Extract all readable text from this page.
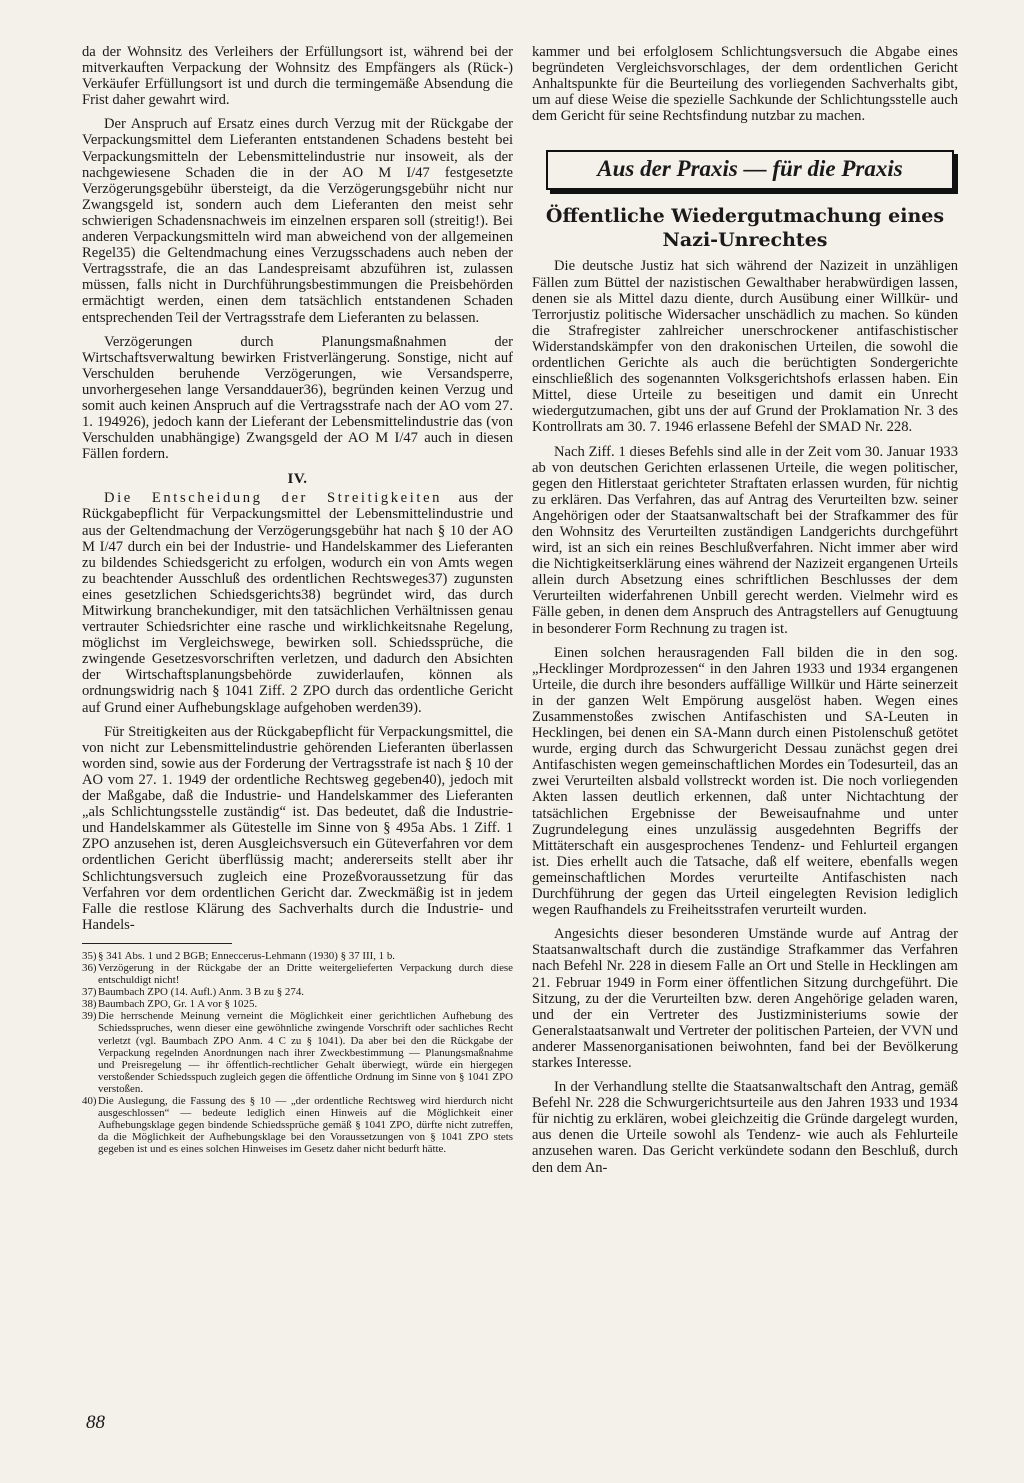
da der Wohnsitz des Verleihers der Erfüllungsort ist, während bei der mitverkauften Verpackung der Wohnsitz des Empfängers als (Rück-) Verkäufer Erfüllungsort ist und durch die termingemäße Absendung die Frist daher gewahrt wird.

Der Anspruch auf Ersatz eines durch Verzug mit der Rückgabe der Verpackungsmittel dem Lieferanten entstandenen Schadens besteht bei Verpackungsmitteln der Lebensmittelindustrie nur insoweit, als der nachgewiesene Schaden die in der AO M I/47 festgesetzte Verzögerungsgebühr übersteigt, da die Verzögerungsgebühr nicht nur Zwangsgeld ist, sondern auch dem Lieferanten den meist sehr schwierigen Schadensnachweis im einzelnen ersparen soll (streitig!). Bei anderen Verpackungsmitteln wird man abweichend von der allgemeinen Regel35) die Geltendmachung eines Verzugsschadens auch neben der Vertragsstrafe, die an das Landespreisamt abzuführen ist, zulassen müssen, falls nicht in Durchführungsbestimmungen die Preisbehörden ermächtigt werden, einen dem tatsächlich entstandenen Schaden entsprechenden Teil der Vertragsstrafe dem Lieferanten zu belassen.

Verzögerungen durch Planungsmaßnahmen der Wirtschaftsverwaltung bewirken Fristverlängerung. Sonstige, nicht auf Verschulden beruhende Verzögerungen, wie Versandsperre, unvorhergesehen lange Versanddauer36), begründen keinen Verzug und somit auch keinen Anspruch auf die Vertragsstrafe nach der AO vom 27. 1. 194926), jedoch kann der Lieferant der Lebensmittelindustrie das (von Verschulden unabhängige) Zwangsgeld der AO M I/47 auch in diesen Fällen fordern.

IV.

Die Entscheidung der Streitigkeiten aus der Rückgabepflicht für Verpackungsmittel der Lebensmittelindustrie und aus der Geltendmachung der Verzögerungsgebühr hat nach § 10 der AO M I/47 durch ein bei der Industrie- und Handelskammer des Lieferanten zu bildendes Schiedsgericht zu erfolgen, wodurch ein von Amts wegen zu beachtender Ausschluß des ordentlichen Rechtsweges37) zugunsten eines gesetzlichen Schiedsgerichts38) begründet wird, das durch Mitwirkung branchekundiger, mit den tatsächlichen Verhältnissen genau vertrauter Schiedsrichter eine rasche und wirklichkeitsnahe Regelung, möglichst im Vergleichswege, bewirken soll. Schiedssprüche, die zwingende Gesetzesvorschriften verletzen, und dadurch den Absichten der Wirtschaftsplanungsbehörde zuwiderlaufen, können als ordnungswidrig nach § 1041 Ziff. 2 ZPO durch das ordentliche Gericht auf Grund einer Aufhebungsklage aufgehoben werden39).

Für Streitigkeiten aus der Rückgabepflicht für Verpackungsmittel, die von nicht zur Lebensmittelindustrie gehörenden Lieferanten überlassen worden sind, sowie aus der Forderung der Vertragsstrafe ist nach § 10 der AO vom 27. 1. 1949 der ordentliche Rechtsweg gegeben40), jedoch mit der Maßgabe, daß die Industrie- und Handelskammer des Lieferanten „als Schlichtungsstelle zuständig“ ist. Das bedeutet, daß die Industrie- und Handelskammer als Gütestelle im Sinne von § 495a Abs. 1 Ziff. 1 ZPO anzusehen ist, deren Ausgleichsversuch ein Güteverfahren vor dem ordentlichen Gericht überflüssig macht; andererseits stellt aber ihr Schlichtungsversuch zugleich eine Prozeßvoraussetzung für das Verfahren vor dem ordentlichen Gericht dar. Zweckmäßig ist in jedem Falle die restlose Klärung des Sachverhalts durch die Industrie- und Handels-

35)§ 341 Abs. 1 und 2 BGB; Enneccerus-Lehmann (1930) § 37 III, 1 b.

36)Verzögerung in der Rückgabe der an Dritte weitergelieferten Verpackung durch diese entschuldigt nicht!

37)Baumbach ZPO (14. Aufl.) Anm. 3 B zu § 274.

38)Baumbach ZPO, Gr. 1 A vor § 1025.

39)Die herrschende Meinung verneint die Möglichkeit einer gerichtlichen Aufhebung des Schiedsspruches, wenn dieser eine gewöhnliche zwingende Vorschrift oder sachliches Recht verletzt (vgl. Baumbach ZPO Anm. 4 C zu § 1041). Da aber bei den die Rückgabe der Verpackung regelnden Anordnungen nach ihrer Zweckbestimmung — Planungsmaßnahme und Preisregelung — ihr öffentlich-rechtlicher Gehalt überwiegt, würde ein hiergegen verstoßender Schiedsspuch zugleich gegen die öffentliche Ordnung im Sinne von § 1041 ZPO verstoßen.

40)Die Auslegung, die Fassung des § 10 — „der ordentliche Rechtsweg wird hierdurch nicht ausgeschlossen“ — bedeute lediglich einen Hinweis auf die Möglichkeit einer Aufhebungsklage gegen bindende Schiedssprüche gemäß § 1041 ZPO, dürfte nicht zutreffen, da die Möglichkeit der Aufhebungsklage bei den Voraussetzungen von § 1041 ZPO stets gegeben ist und es eines solchen Hinweises im Gesetz daher nicht bedurft hätte.

kammer und bei erfolglosem Schlichtungsversuch die Abgabe eines begründeten Vergleichsvorschlages, der dem ordentlichen Gericht Anhaltspunkte für die Beurteilung des vorliegenden Sachverhalts gibt, um auf diese Weise die spezielle Sachkunde der Schlichtungsstelle auch dem Gericht für seine Rechtsfindung nutzbar zu machen.

Aus der Praxis — für die Praxis
Öffentliche Wiedergutmachung eines
Nazi-Unrechtes

Die deutsche Justiz hat sich während der Nazizeit in unzähligen Fällen zum Büttel der nazistischen Gewalthaber herabwürdigen lassen, denen sie als Mittel dazu diente, durch Ausübung einer Willkür- und Terrorjustiz politische Widersacher unschädlich zu machen. So künden die Strafregister zahlreicher unerschrockener antifaschistischer Widerstandskämpfer von den drakonischen Urteilen, die sowohl die ordentlichen Gerichte als auch die berüchtigten Sondergerichte einschließlich des sogenannten Volksgerichtshofs erlassen haben. Ein Mittel, diese Urteile zu beseitigen und damit ein Unrecht wiedergutzumachen, gibt uns der auf Grund der Proklamation Nr. 3 des Kontrollrats am 30. 7. 1946 erlassene Befehl der SMAD Nr. 228.

Nach Ziff. 1 dieses Befehls sind alle in der Zeit vom 30. Januar 1933 ab von deutschen Gerichten erlassenen Urteile, die wegen politischer, gegen den Hitlerstaat gerichteter Straftaten erlassen wurden, für nichtig zu erklären. Das Verfahren, das auf Antrag des Verurteilten bzw. seiner Angehörigen oder der Staatsanwaltschaft bei der Strafkammer des für den Wohnsitz des Verurteilten zuständigen Landgerichts durchgeführt wird, ist an sich ein reines Beschlußverfahren. Nicht immer aber wird die Nichtigkeitserklärung eines während der Nazizeit ergangenen Urteils allein durch Absetzung eines schriftlichen Beschlusses der dem Verurteilten widerfahrenen Unbill gerecht werden. Vielmehr wird es Fälle geben, in denen dem Anspruch des Antragstellers auf Genugtuung in besonderer Form Rechnung zu tragen ist.

Einen solchen herausragenden Fall bilden die in den sog. „Hecklinger Mordprozessen“ in den Jahren 1933 und 1934 ergangenen Urteile, die durch ihre besonders auffällige Willkür und Härte seinerzeit in der ganzen Welt Empörung ausgelöst haben. Wegen eines Zusammenstoßes zwischen Antifaschisten und SA-Leuten in Hecklingen, bei denen ein SA-Mann durch einen Pistolenschuß getötet wurde, erging durch das Schwurgericht Dessau zunächst gegen drei Antifaschisten wegen gemeinschaftlichen Mordes ein Todesurteil, das an zwei Verurteilten alsbald vollstreckt worden ist. Die noch vorliegenden Akten lassen deutlich erkennen, daß unter Nichtachtung der tatsächlichen Ergebnisse der Beweisaufnahme und unter Zugrundelegung eines unzulässig ausgedehnten Begriffs der Mittäterschaft ein ausgesprochenes Tendenz- und Fehlurteil ergangen ist. Dies erhellt auch die Tatsache, daß elf weitere, ebenfalls wegen gemeinschaftlichen Mordes verurteilte Antifaschisten nach Durchführung der gegen das Urteil eingelegten Revision lediglich wegen Raufhandels zu Freiheitsstrafen verurteilt wurden.

Angesichts dieser besonderen Umstände wurde auf Antrag der Staatsanwaltschaft durch die zuständige Strafkammer das Verfahren nach Befehl Nr. 228 in diesem Falle an Ort und Stelle in Hecklingen am 21. Februar 1949 in Form einer öffentlichen Sitzung durchgeführt. Die Sitzung, zu der die Verurteilten bzw. deren Angehörige geladen waren, und der ein Vertreter des Justizministeriums sowie der Generalstaatsanwalt und Vertreter der politischen Parteien, der VVN und anderer Massenorganisationen beiwohnten, fand bei der Bevölkerung starkes Interesse.

In der Verhandlung stellte die Staatsanwaltschaft den Antrag, gemäß Befehl Nr. 228 die Schwurgerichtsurteile aus den Jahren 1933 und 1934 für nichtig zu erklären, wobei gleichzeitig die Gründe dargelegt wurden, aus denen die Urteile sowohl als Tendenz- wie auch als Fehlurteile anzusehen waren. Das Gericht verkündete sodann den Beschluß, durch den dem An-

88
